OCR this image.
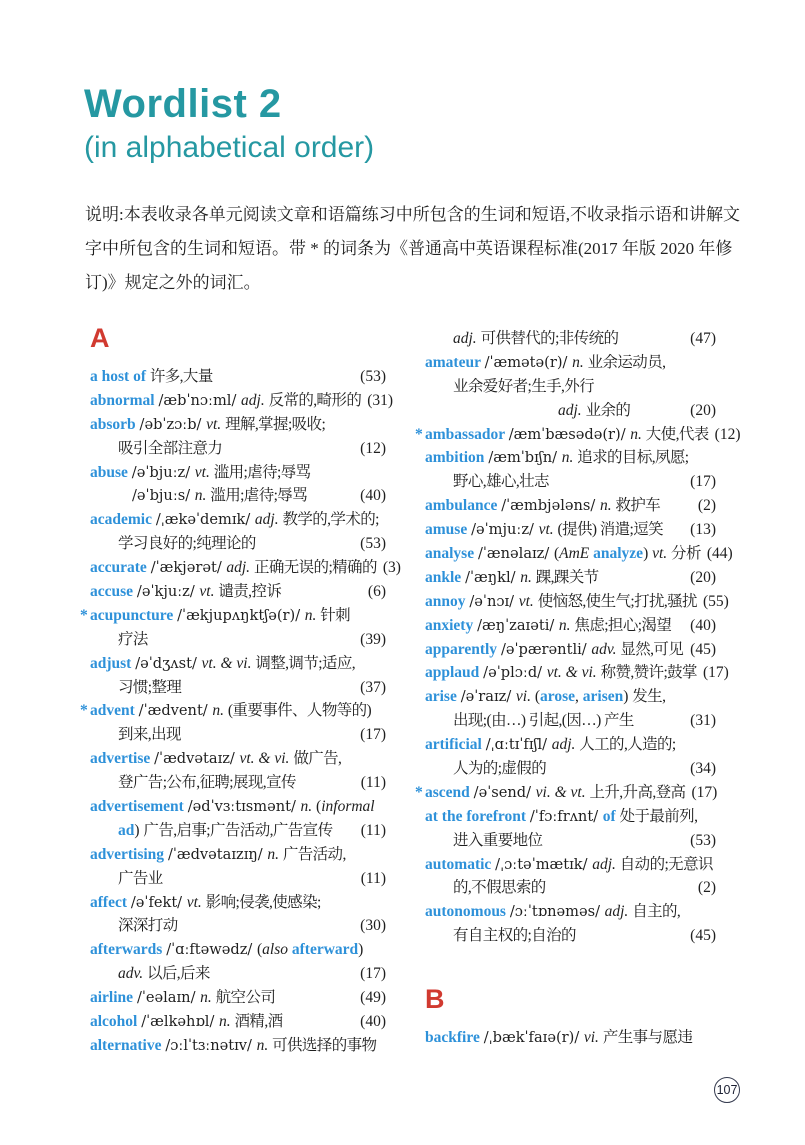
Wordlist 2
(in alphabetical order)
说明:本表收录各单元阅读文章和语篇练习中所包含的生词和短语,不收录指示语和讲解文字中所包含的生词和短语。带 * 的词条为《普通高中英语课程标准(2017 年版 2020 年修订)》规定之外的词汇。
A
a host of 许多,大量	(53)
abnormal /æbˈnɔːml/ adj. 反常的,畸形的 (31)
absorb /əbˈzɔːb/ vt. 理解,掌握;吸收;
吸引全部注意力	(12)
abuse /əˈbjuːz/ vt. 滥用;虐待;辱骂
/əˈbjuːs/ n. 滥用;虐待;辱骂	(40)
academic /ˌækəˈdemɪk/ adj. 教学的,学术的;
学习良好的;纯理论的	(53)
accurate /ˈækjərət/ adj. 正确无误的;精确的 (3)
accuse /əˈkjuːz/ vt. 谴责,控诉	(6)
* acupuncture /ˈækjupʌŋktʃə(r)/ n. 针刺
疗法	(39)
adjust /əˈdʒʌst/ vt. & vi. 调整,调节;适应,
习惯;整理	(37)
* advent /ˈædvent/ n. (重要事件、人物等的)
到来,出现	(17)
advertise /ˈædvətaɪz/ vt. & vi. 做广告,
登广告;公布,征聘;展现,宣传	(11)
advertisement /ədˈvɜːtɪsmənt/ n. (informal
ad) 广告,启事;广告活动,广告宣传 (11)
advertising /ˈædvətaɪzɪŋ/ n. 广告活动,
广告业	(11)
affect /əˈfekt/ vt. 影响;侵袭,使感染;
深深打动	(30)
afterwards /ˈɑːftəwədz/ (also afterward)
adv. 以后,后来	(17)
airline /ˈeəlaɪn/ n. 航空公司	(49)
alcohol /ˈælkəhɒl/ n. 酒精,酒	(40)
alternative /ɔːlˈtɜːnətɪv/ n. 可供选择的事物
adj. 可供替代的;非传统的	(47)
amateur /ˈæmətə(r)/ n. 业余运动员,
业余爱好者;生手,外行
adj. 业余的	(20)
* ambassador /æmˈbæsədə(r)/ n. 大使,代表 (12)
ambition /æmˈbɪʃn/ n. 追求的目标,夙愿;
野心,雄心,壮志	(17)
ambulance /ˈæmbjələns/ n. 救护车 (2)
amuse /əˈmjuːz/ vt. (提供) 消遣;逗笑 (13)
analyse /ˈænəlaɪz/ (AmE analyze) vt. 分析 (44)
ankle /ˈæŋkl/ n. 踝,踝关节	(20)
annoy /əˈnɔɪ/ vt. 使恼怒,使生气;打扰,骚扰 (55)
anxiety /æŋˈzaɪəti/ n. 焦虑;担心;渴望 (40)
apparently /əˈpærəntli/ adv. 显然,可见 (45)
applaud /əˈplɔːd/ vt. & vi. 称赞,赞许;鼓掌 (17)
arise /əˈraɪz/ vi. (arose, arisen) 发生,
出现;(由…) 引起,(因…) 产生	(31)
artificial /ˌɑːtɪˈfɪʃl/ adj. 人工的,人造的;
人为的;虚假的	(34)
* ascend /əˈsend/ vi. & vt. 上升,升高,登高 (17)
at the forefront /ˈfɔːfrʌnt/ of 处于最前列,
进入重要地位	(53)
automatic /ˌɔːtəˈmætɪk/ adj. 自动的;无意识
的,不假思索的	(2)
autonomous /ɔːˈtɒnəməs/ adj. 自主的,
有自主权的;自治的	(45)
B
backfire /ˌbækˈfaɪə(r)/ vi. 产生事与愿违
107
